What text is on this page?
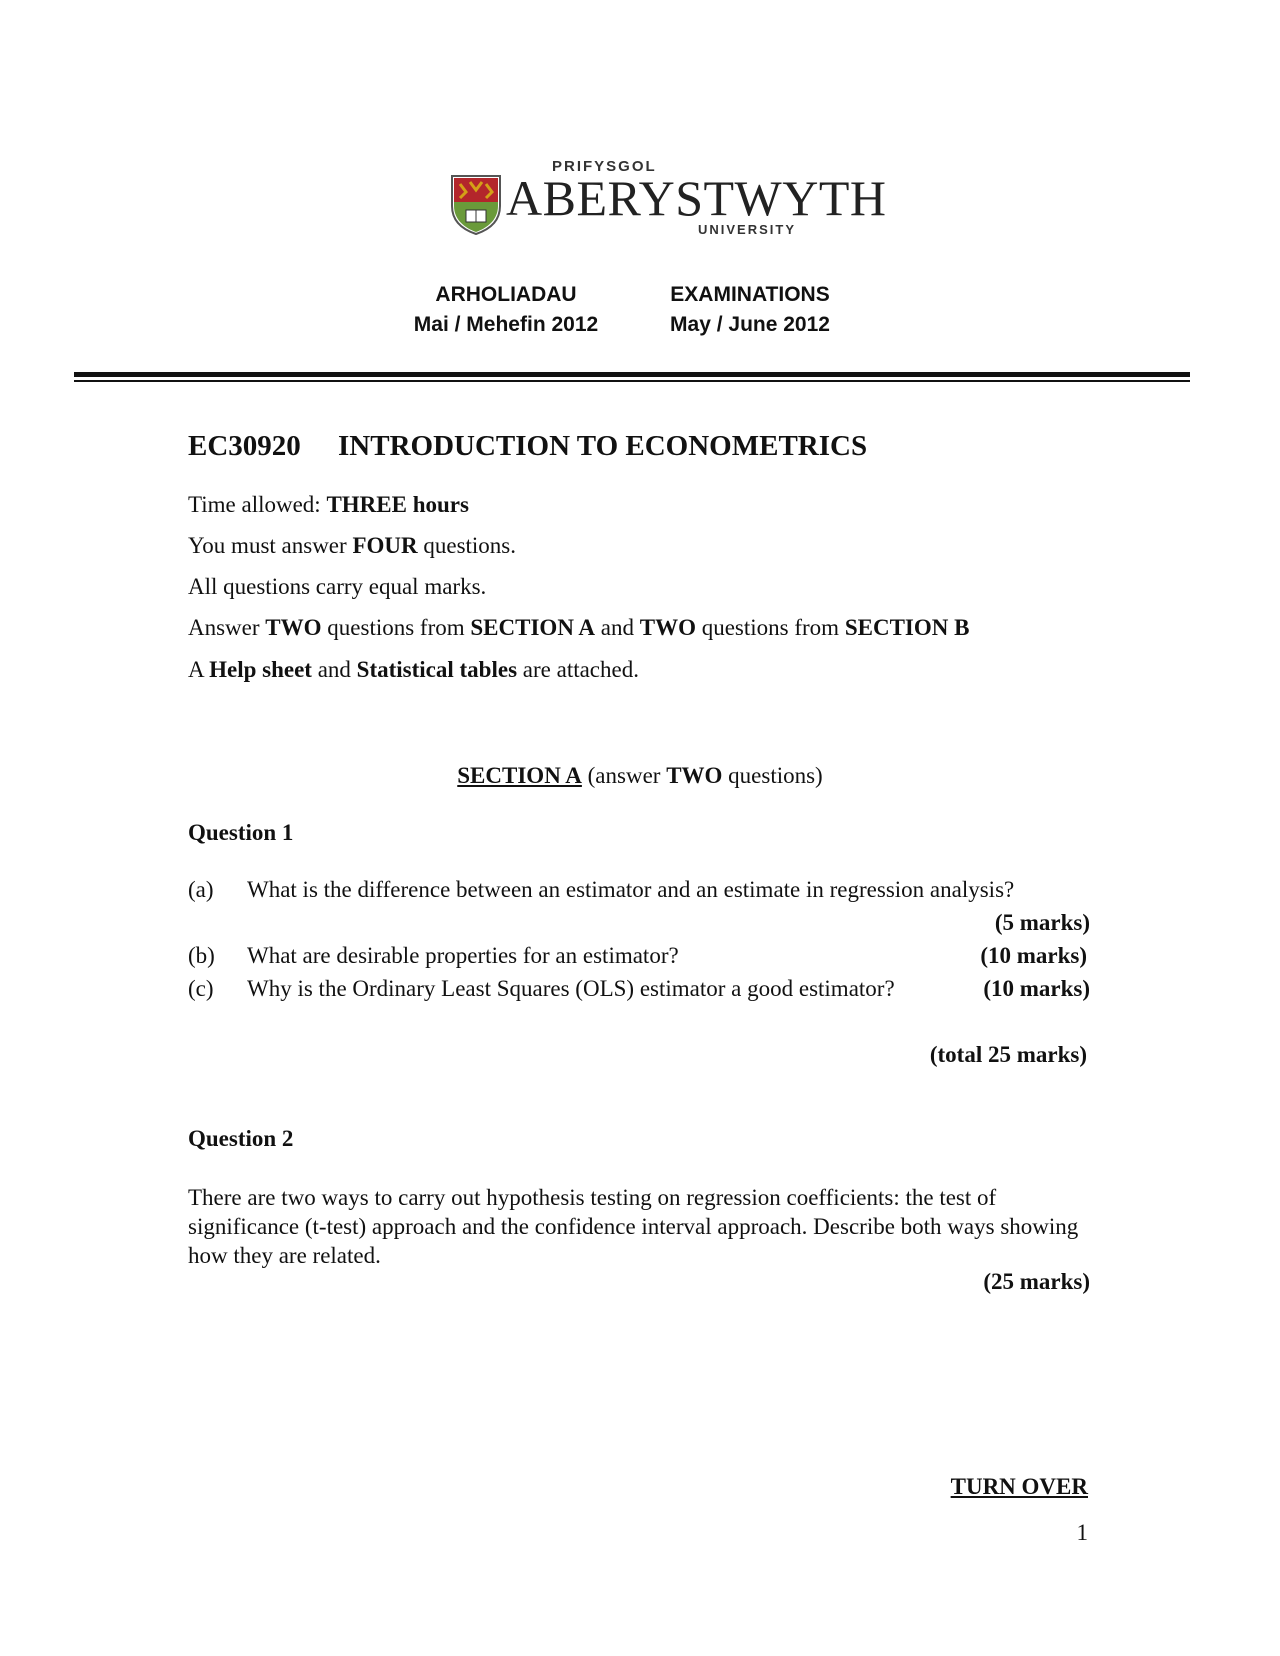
PRIFYSGOL
ABERYSTWYTH
UNIVERSITY
ARHOLIADAU
Mai / Mehefin 2012
EXAMINATIONS
May / June 2012
EC30920 INTRODUCTION TO ECONOMETRICS
Time allowed: THREE hours
You must answer FOUR questions.
All questions carry equal marks.
Answer TWO questions from SECTION A and TWO questions from SECTION B
A Help sheet and Statistical tables are attached.
SECTION A (answer TWO questions)
Question 1
(a) What is the difference between an estimator and an estimate in regression analysis?
(5 marks)
(b) What are desirable properties for an estimator?	(10 marks)
(c) Why is the Ordinary Least Squares (OLS) estimator a good estimator?	(10 marks)
(total 25 marks)
Question 2
There are two ways to carry out hypothesis testing on regression coefficients: the test of significance (t-test) approach and the confidence interval approach. Describe both ways showing how they are related.
(25 marks)
TURN OVER
1
